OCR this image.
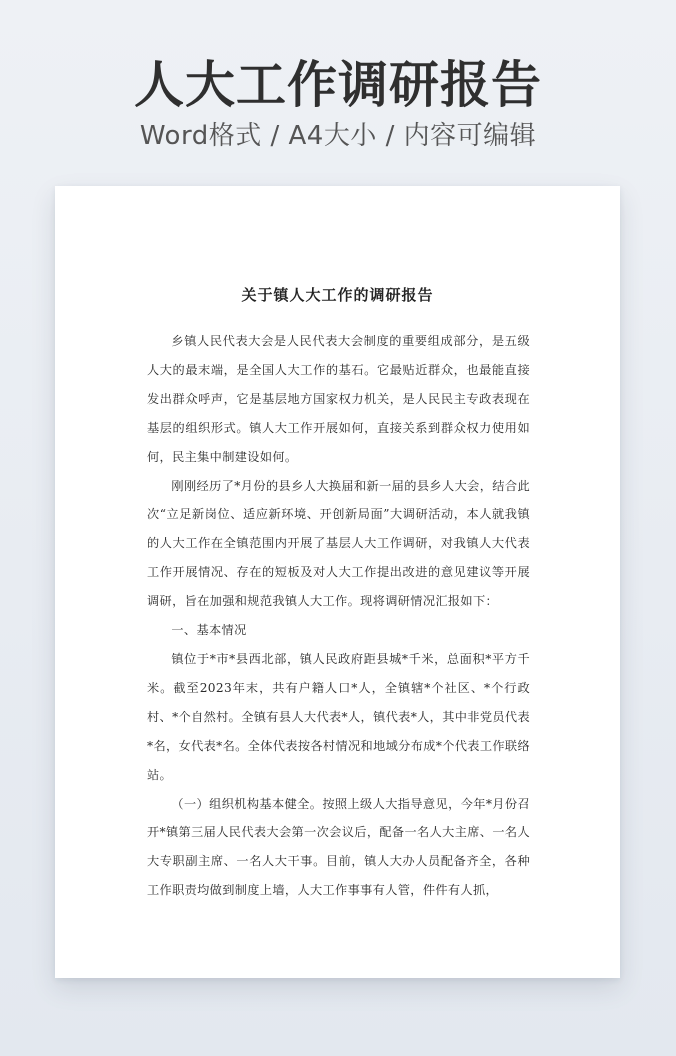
人大工作调研报告
Word格式 / A4大小 / 内容可编辑
关于镇人大工作的调研报告

乡镇人民代表大会是人民代表大会制度的重要组成部分，是五级人大的最末端，是全国人大工作的基石。它最贴近群众，也最能直接发出群众呼声，它是基层地方国家权力机关，是人民民主专政表现在基层的组织形式。镇人大工作开展如何，直接关系到群众权力使用如何，民主集中制建设如何。

刚刚经历了*月份的县乡人大换届和新一届的县乡人大会，结合此次“立足新岗位、适应新环境、开创新局面”大调研活动，本人就我镇的人大工作在全镇范围内开展了基层人大工作调研，对我镇人大代表工作开展情况、存在的短板及对人大工作提出改进的意见建议等开展调研，旨在加强和规范我镇人大工作。现将调研情况汇报如下：

一、基本情况

镇位于*市*县西北部，镇人民政府距县城*千米，总面积*平方千米。截至2023年末，共有户籍人口*人，全镇辖*个社区、*个行政村、*个自然村。全镇有县人大代表*人，镇代表*人，其中非党员代表*名，女代表*名。全体代表按各村情况和地域分布成*个代表工作联络站。

（一）组织机构基本健全。按照上级人大指导意见，今年*月份召开*镇第三届人民代表大会第一次会议后，配备一名人大主席、一名人大专职副主席、一名人大干事。目前，镇人大办人员配备齐全，各种工作职责均做到制度上墙，人大工作事事有人管，件件有人抓，
